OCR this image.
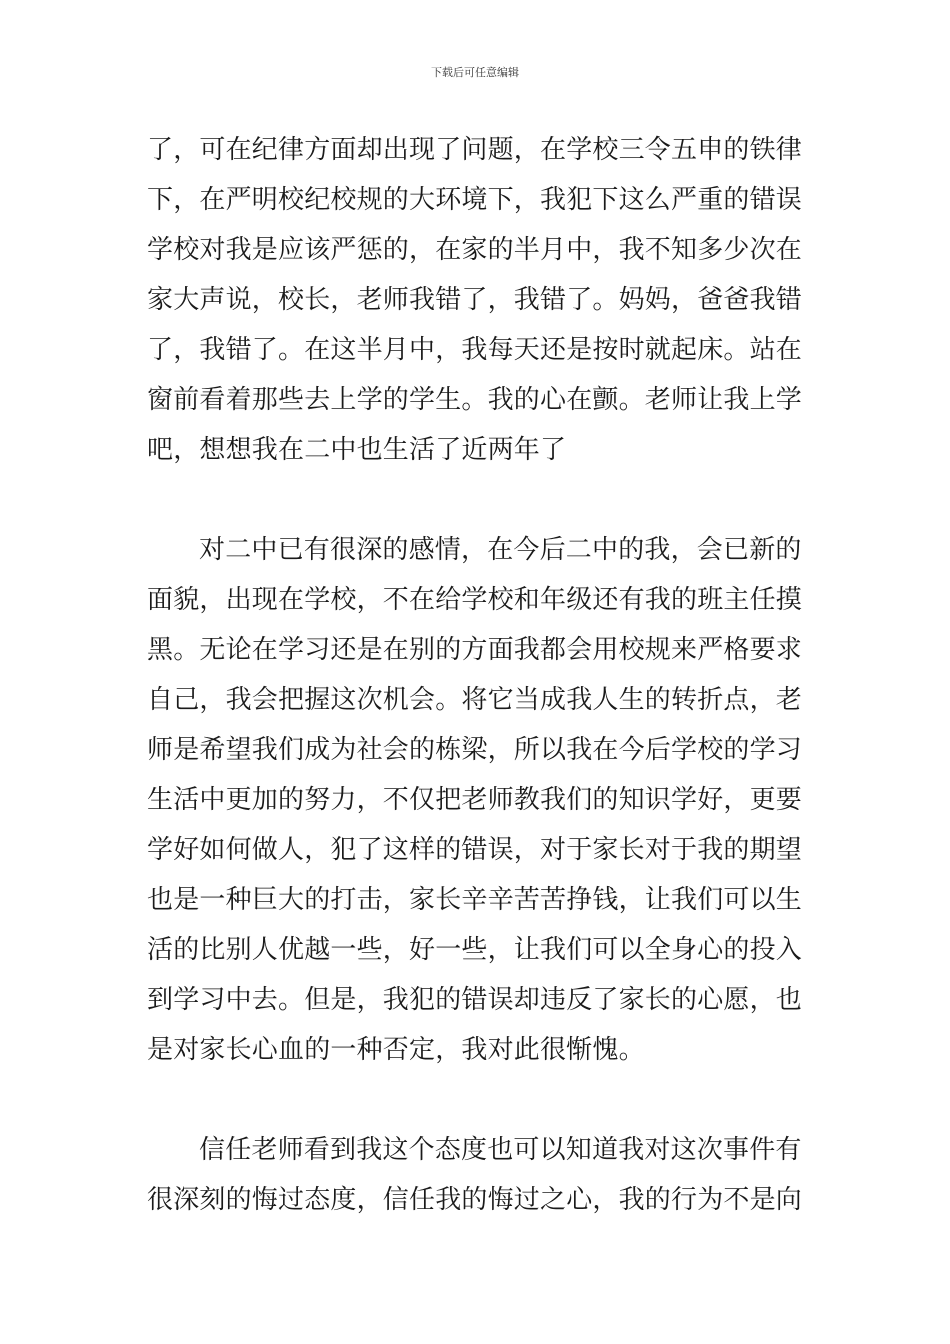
下载后可任意编辑
了，可在纪律方面却出现了问题，在学校三令五申的铁律
下，在严明校纪校规的大环境下，我犯下这么严重的错误
学校对我是应该严惩的，在家的半月中，我不知多少次在
家大声说，校长，老师我错了，我错了。妈妈，爸爸我错
了，我错了。在这半月中，我每天还是按时就起床。站在
窗前看着那些去上学的学生。我的心在颤。老师让我上学
吧，想想我在二中也生活了近两年了
对二中已有很深的感情，在今后二中的我，会已新的
面貌，出现在学校，不在给学校和年级还有我的班主任摸
黑。无论在学习还是在别的方面我都会用校规来严格要求
自己，我会把握这次机会。将它当成我人生的转折点，老
师是希望我们成为社会的栋梁，所以我在今后学校的学习
生活中更加的努力，不仅把老师教我们的知识学好，更要
学好如何做人，犯了这样的错误，对于家长对于我的期望
也是一种巨大的打击，家长辛辛苦苦挣钱，让我们可以生
活的比别人优越一些，好一些，让我们可以全身心的投入
到学习中去。但是，我犯的错误却违反了家长的心愿，也
是对家长心血的一种否定，我对此很惭愧。
信任老师看到我这个态度也可以知道我对这次事件有
很深刻的悔过态度，信任我的悔过之心，我的行为不是向
